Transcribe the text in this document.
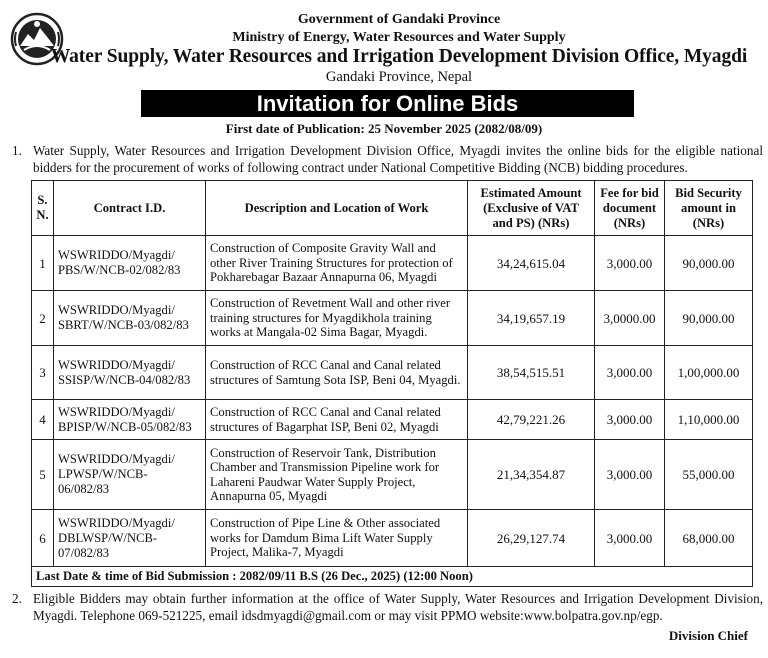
Government of Gandaki Province
Ministry of Energy, Water Resources and Water Supply
Water Supply, Water Resources and Irrigation Development Division Office, Myagdi
Gandaki Province, Nepal
Invitation for Online Bids
First date of Publication: 25 November 2025 (2082/08/09)
1. Water Supply, Water Resources and Irrigation Development Division Office, Myagdi invites the online bids for the eligible national bidders for the procurement of works of following contract under National Competitive Bidding (NCB) bidding procedures.
S. N.	Contract I.D.	Description and Location of Work	Estimated Amount (Exclusive of VAT and PS) (NRs)	Fee for bid document (NRs)	Bid Security amount in (NRs)
1	WSWRIDDO/Myagdi/ PBS/W/NCB-02/082/83	Construction of Composite Gravity Wall and other River Training Structures for protection of Pokharebagar Bazaar Annapurna 06, Myagdi	34,24,615.04	3,000.00	90,000.00
2	WSWRIDDO/Myagdi/ SBRT/W/NCB-03/082/83	Construction of Revetment Wall and other river training structures for Myagdikhola training works at Mangala-02 Sima Bagar, Myagdi.	34,19,657.19	3,0000.00	90,000.00
3	WSWRIDDO/Myagdi/ SSISP/W/NCB-04/082/83	Construction of RCC Canal and Canal related structures of Samtung Sota ISP, Beni 04, Myagdi.	38,54,515.51	3,000.00	1,00,000.00
4	WSWRIDDO/Myagdi/ BPISP/W/NCB-05/082/83	Construction of RCC Canal and Canal related structures of Bagarphat ISP, Beni 02, Myagdi	42,79,221.26	3,000.00	1,10,000.00
5	WSWRIDDO/Myagdi/ LPWSP/W/NCB- 06/082/83	Construction of Reservoir Tank, Distribution Chamber and Transmission Pipeline work for Lahareni Paudwar Water Supply Project, Annapurna 05, Myagdi	21,34,354.87	3,000.00	55,000.00
6	WSWRIDDO/Myagdi/ DBLWSP/W/NCB- 07/082/83	Construction of Pipe Line & Other associated works for Damdum Bima Lift Water Supply Project, Malika-7, Myagdi	26,29,127.74	3,000.00	68,000.00
Last Date & time of Bid Submission : 2082/09/11 B.S (26 Dec., 2025) (12:00 Noon)					
2. Eligible Bidders may obtain further information at the office of Water Supply, Water Resources and Irrigation Development Division, Myagdi. Telephone 069-521225, email idsdmyagdi@gmail.com or may visit PPMO website:www.bolpatra.gov.np/egp.
Division Chief
